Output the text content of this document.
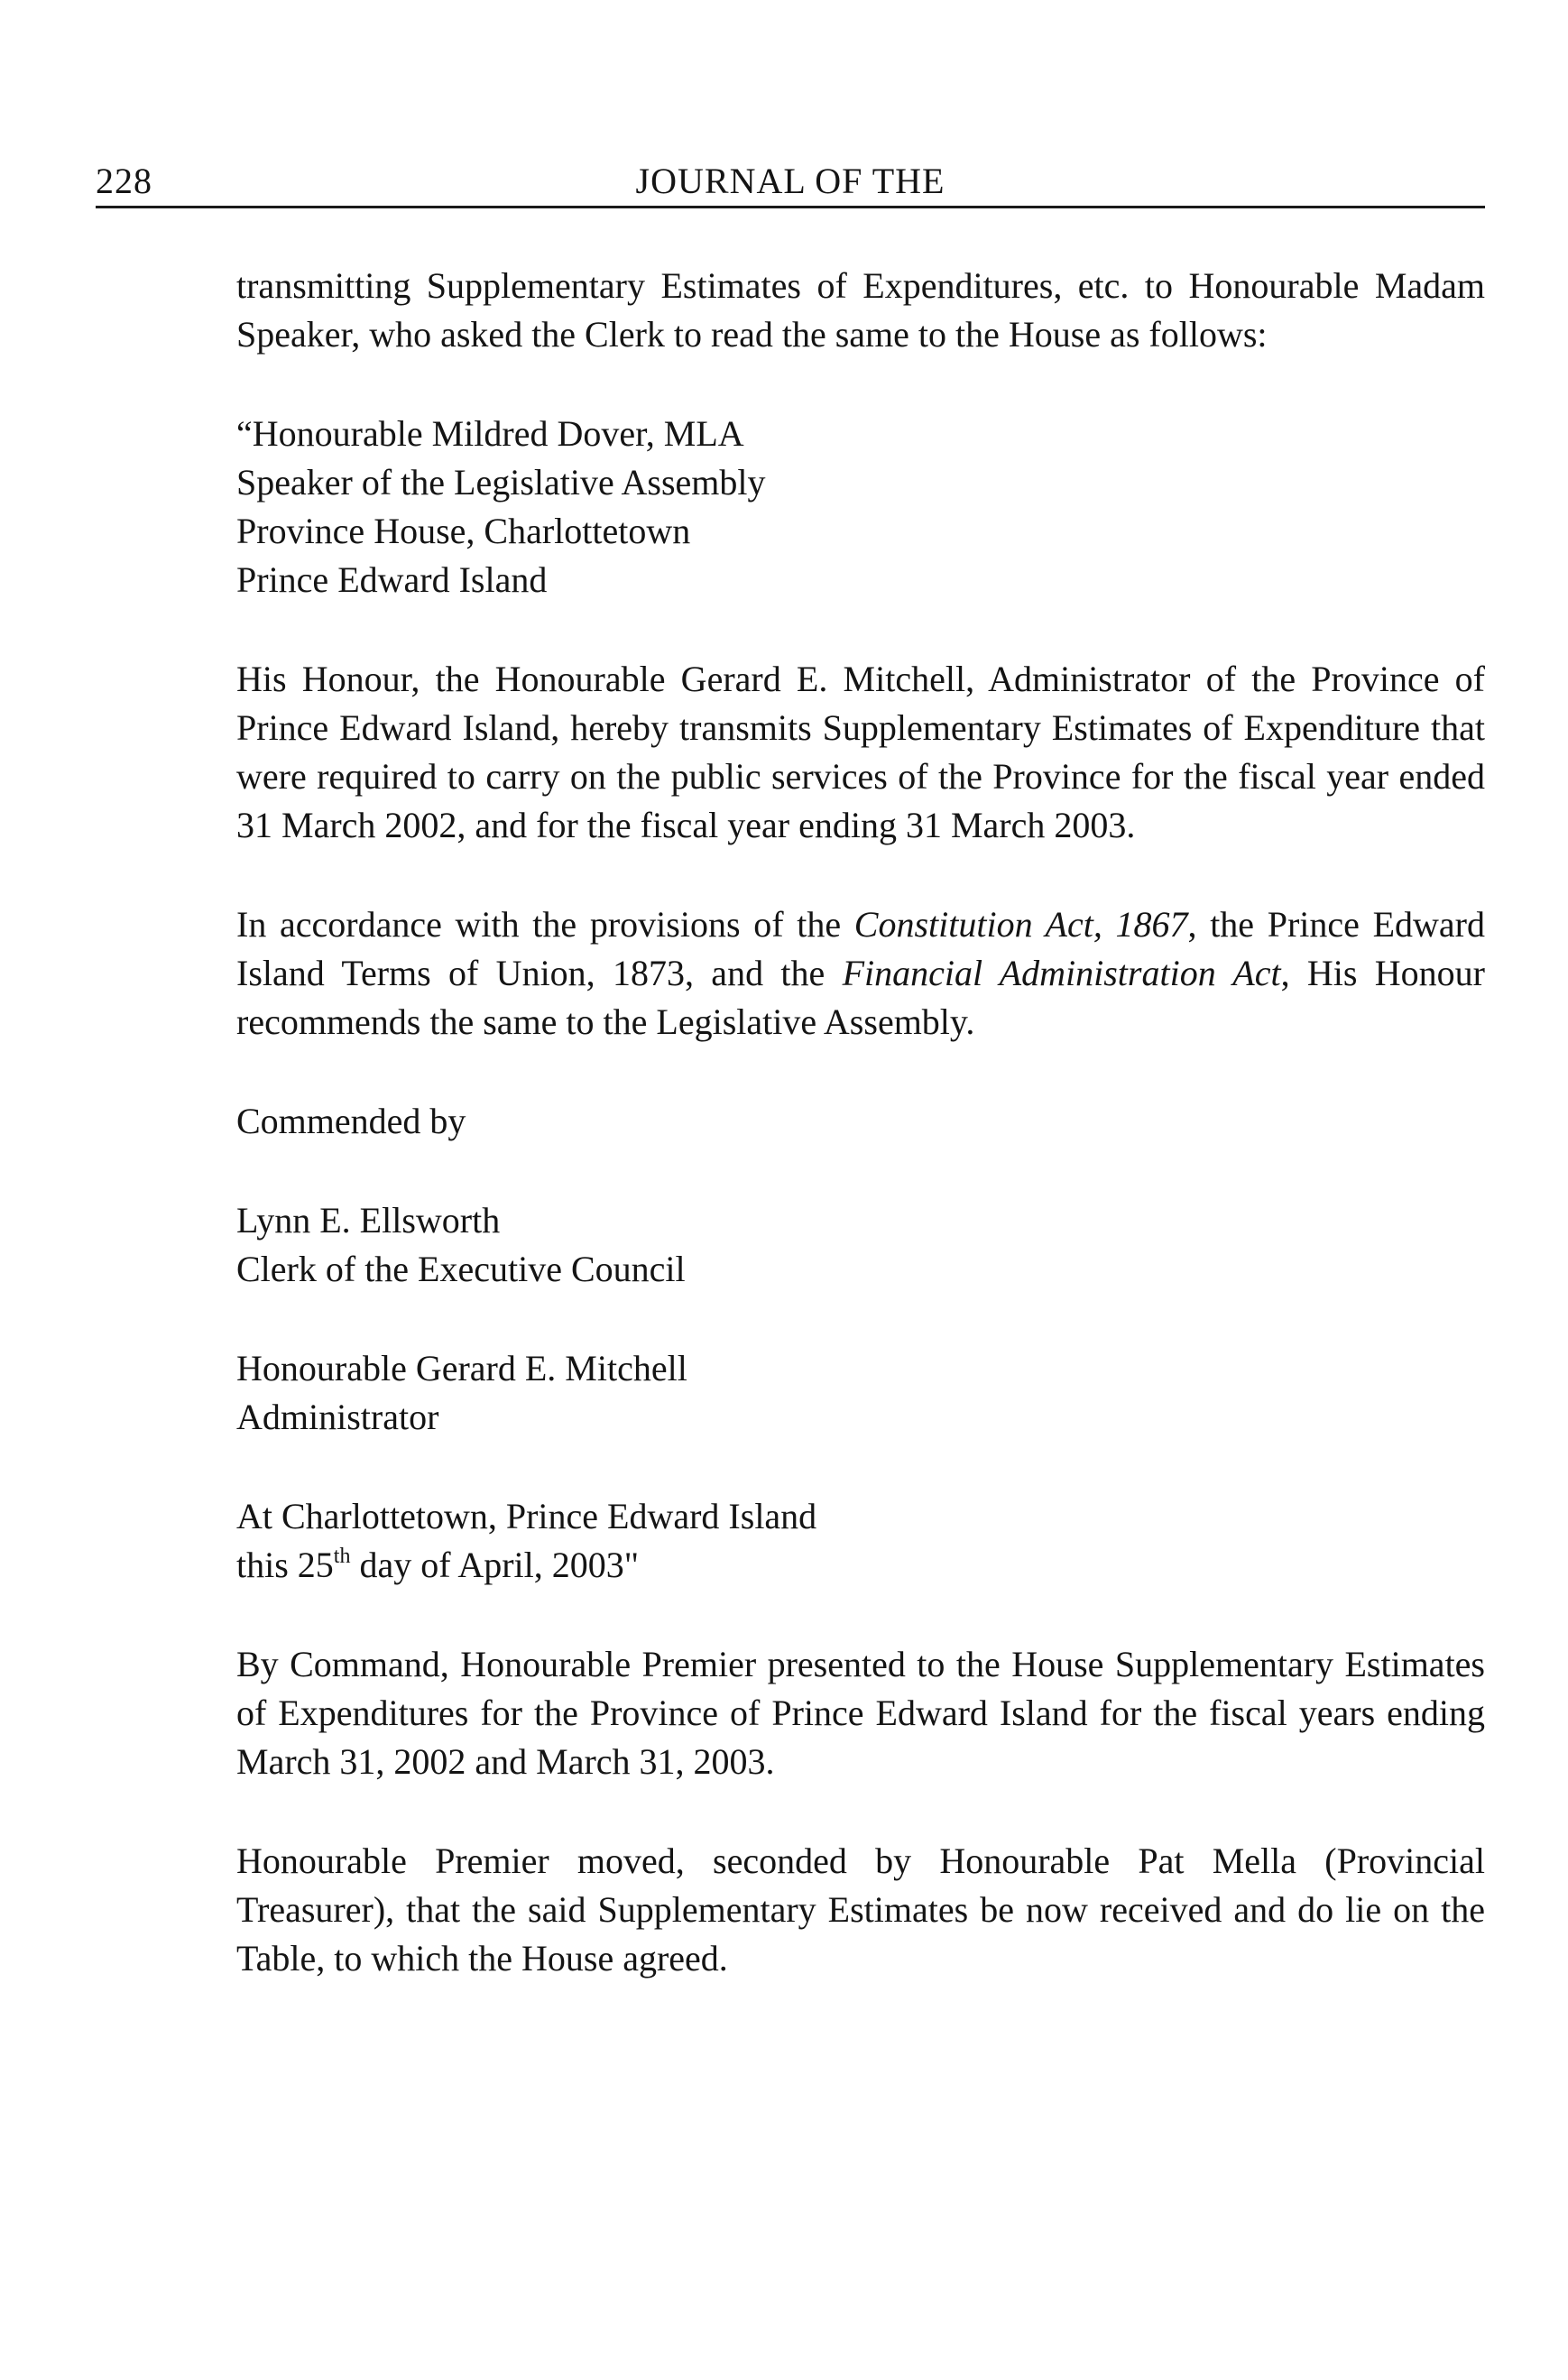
228	JOURNAL OF THE

transmitting Supplementary Estimates of Expenditures, etc. to Honourable Madam Speaker, who asked the Clerk to read the same to the House as follows:

“Honourable Mildred Dover, MLA
Speaker of the Legislative Assembly
Province House, Charlottetown
Prince Edward Island

His Honour, the Honourable Gerard E. Mitchell, Administrator of the Province of Prince Edward Island, hereby transmits Supplementary Estimates of Expenditure that were required to carry on the public services of the Province for the fiscal year ended 31 March 2002, and for the fiscal year ending 31 March 2003.

In accordance with the provisions of the Constitution Act, 1867, the Prince Edward Island Terms of Union, 1873, and the Financial Administration Act, His Honour recommends the same to the Legislative Assembly.

Commended by
Lynn E. Ellsworth
Clerk of the Executive Council
Honourable Gerard E. Mitchell
Administrator
At Charlottetown, Prince Edward Island
this 25th day of April, 2003"

By Command, Honourable Premier presented to the House Supplementary Estimates of Expenditures for the Province of Prince Edward Island for the fiscal years ending March 31, 2002 and March 31, 2003.

Honourable Premier moved, seconded by Honourable Pat Mella (Provincial Treasurer), that the said Supplementary Estimates be now received and do lie on the Table, to which the House agreed.
